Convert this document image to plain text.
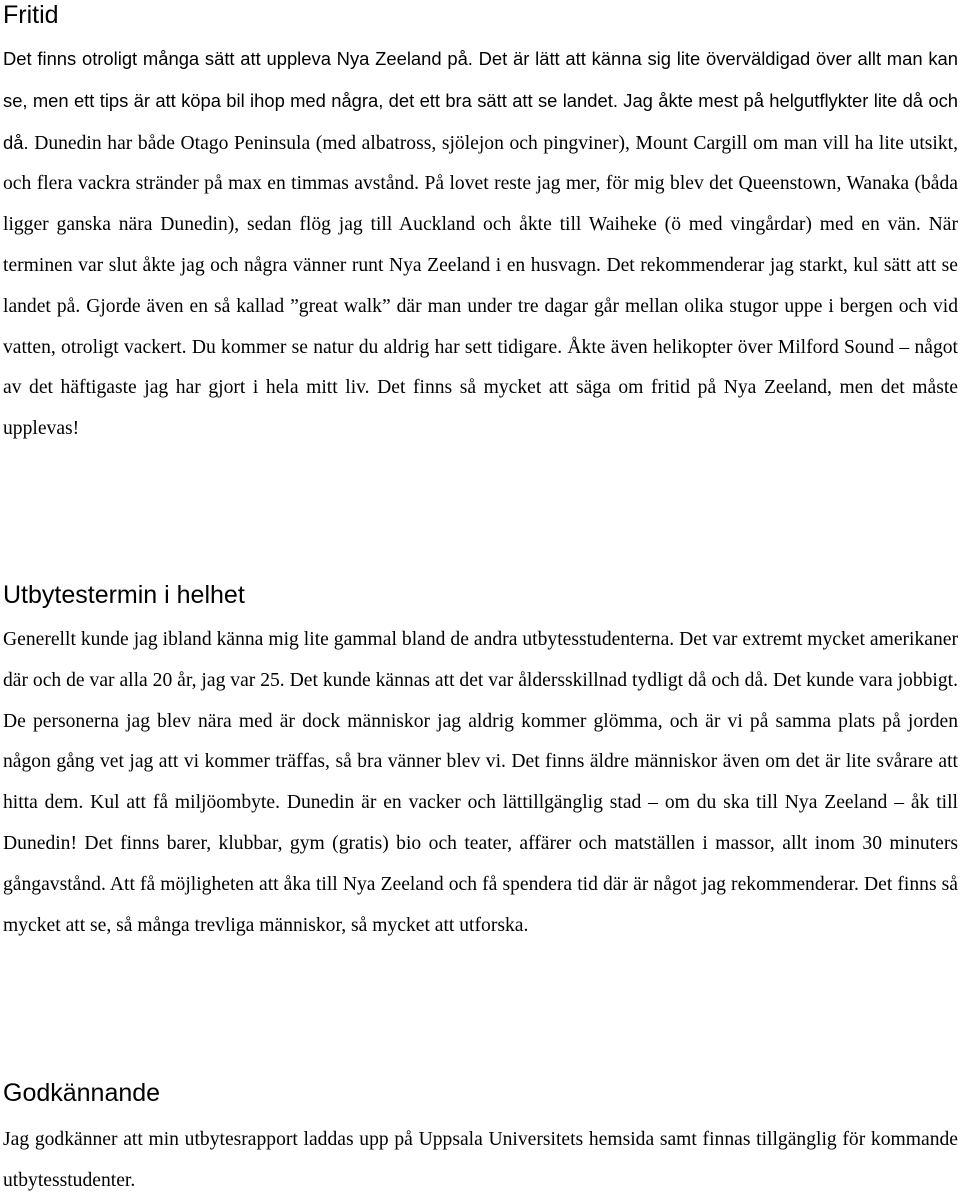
Fritid

Det finns otroligt många sätt att uppleva Nya Zeeland på. Det är lätt att känna sig lite överväldigad över allt man kan se, men ett tips är att köpa bil ihop med några, det ett bra sätt att se landet. Jag åkte mest på helgutflykter lite då och då. Dunedin har både Otago Peninsula (med albatross, sjölejon och pingviner), Mount Cargill om man vill ha lite utsikt, och flera vackra stränder på max en timmas avstånd. På lovet reste jag mer, för mig blev det Queenstown, Wanaka (båda ligger ganska nära Dunedin), sedan flög jag till Auckland och åkte till Waiheke (ö med vingårdar) med en vän. När terminen var slut åkte jag och några vänner runt Nya Zeeland i en husvagn. Det rekommenderar jag starkt, kul sätt att se landet på. Gjorde även en så kallad ”great walk” där man under tre dagar går mellan olika stugor uppe i bergen och vid vatten, otroligt vackert. Du kommer se natur du aldrig har sett tidigare. Åkte även helikopter över Milford Sound – något av det häftigaste jag har gjort i hela mitt liv. Det finns så mycket att säga om fritid på Nya Zeeland, men det måste upplevas!

Utbytestermin i helhet

Generellt kunde jag ibland känna mig lite gammal bland de andra utbytesstudenterna. Det var extremt mycket amerikaner där och de var alla 20 år, jag var 25. Det kunde kännas att det var åldersskillnad tydligt då och då. Det kunde vara jobbigt. De personerna jag blev nära med är dock människor jag aldrig kommer glömma, och är vi på samma plats på jorden någon gång vet jag att vi kommer träffas, så bra vänner blev vi. Det finns äldre människor även om det är lite svårare att hitta dem. Kul att få miljöombyte. Dunedin är en vacker och lättillgänglig stad – om du ska till Nya Zeeland – åk till Dunedin! Det finns barer, klubbar, gym (gratis) bio och teater, affärer och matställen i massor, allt inom 30 minuters gångavstånd. Att få möjligheten att åka till Nya Zeeland och få spendera tid där är något jag rekommenderar. Det finns så mycket att se, så många trevliga människor, så mycket att utforska.

Godkännande

Jag godkänner att min utbytesrapport laddas upp på Uppsala Universitets hemsida samt finnas tillgänglig för kommande utbytesstudenter.
